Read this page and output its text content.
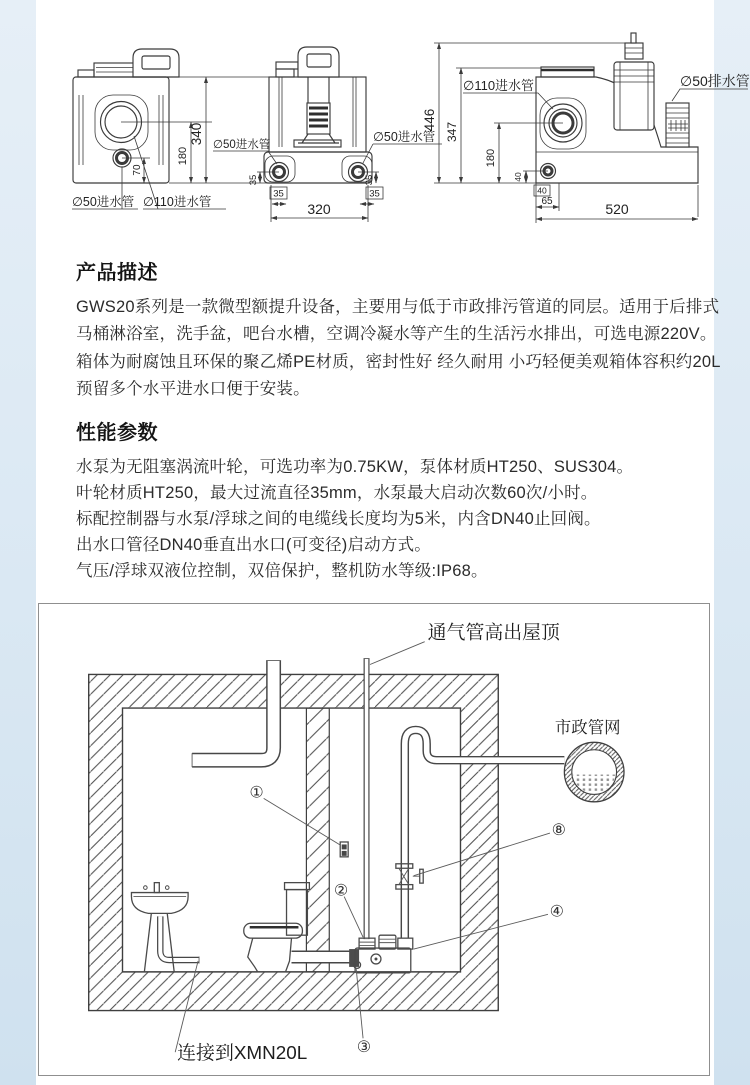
∅50进水管 ∅110进水管
70
180
340 ∅50进水管
∅50进水管
35	35
35	35
320
∅110进水管	∅50排水管
446
347
180
40
40
65	520
产品描述

GWS20系列是一款微型额提升设备，主要用与低于市政排污管道的同层。适用于后排式

马桶淋浴室，洗手盆，吧台水槽，空调冷凝水等产生的生活污水排出，可选电源220V。

箱体为耐腐蚀且环保的聚乙烯PE材质，密封性好 经久耐用 小巧轻便美观箱体容积约20L

预留多个水平进水口便于安装。

性能参数

水泵为无阻塞涡流叶轮，可选功率为0.75KW，泵体材质HT250、SUS304。

叶轮材质HT250，最大过流直径35mm，水泵最大启动次数60次/小时。

标配控制器与水泵/浮球之间的电缆线长度均为5米，内含DN40止回阀。

出水口管径DN40垂直出水口(可变径)启动方式。

气压/浮球双液位控制，双倍保护，整机防水等级:IP68。

①
②
③
④
⑧
通气管高出屋顶
市政管网
连接到XMN20L
